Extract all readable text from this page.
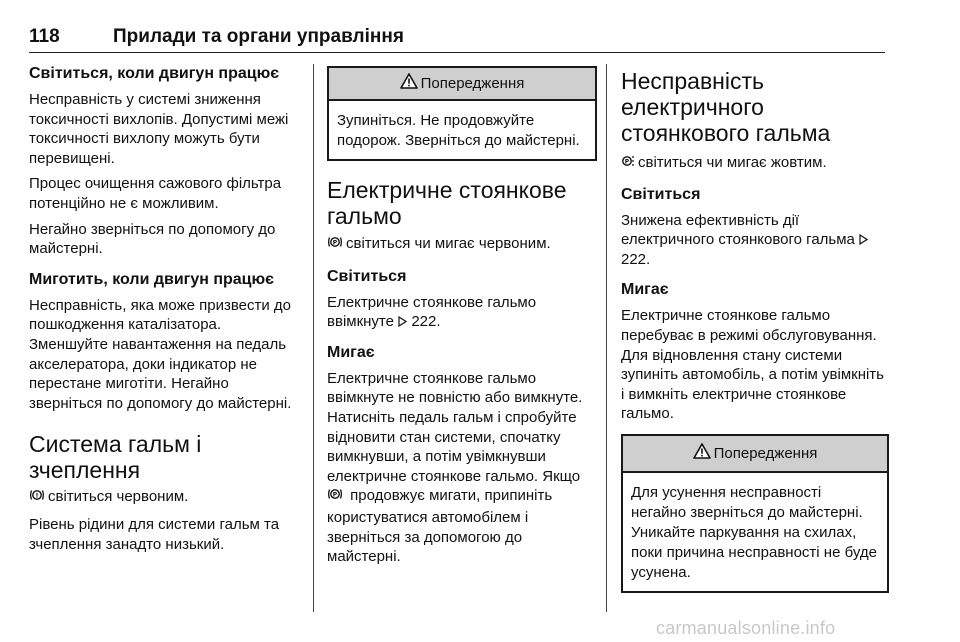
118	Прилади та органи управління
Світиться, коли двигун працює
Несправність у системі зниження токсичності вихлопів. Допустимі межі токсичності вихлопу можуть бути перевищені.
Процес очищення сажового фільтра потенційно не є можливим.
Негайно зверніться по допомогу до майстерні.
Миготить, коли двигун працює
Несправність, яка може призвести до пошкодження каталізатора. Зменшуйте навантаження на педаль акселератора, доки індикатор не перестане миготіти. Негайно зверніться по допомогу до майстерні.
Система гальм і зчеплення
! світиться червоним.
Рівень рідини для системи гальм та зчеплення занадто низький.
Попередження
Зупиніться. Не продовжуйте подорож. Зверніться до майстерні.
Електричне стоянкове гальмо
P світиться чи мигає червоним.
Світиться
Електричне стоянкове гальмо ввімкнуте 222.
Мигає
Електричне стоянкове гальмо ввімкнуте не повністю або вимкнуте. Натисніть педаль гальм і спробуйте відновити стан системи, спочатку вимкнувши, а потім увімкнувши електричне стоянкове гальмо. Якщо
P продовжує мигати, припиніть користуватися автомобілем і зверніться за допомогою до майстерні.
Несправність електричного стоянкового гальма
P світиться чи мигає жовтим.
Світиться
Знижена ефективність дії електричного стоянкового гальма  222.
Мигає
Електричне стоянкове гальмо перебуває в режимі обслуговування. Для відновлення стану системи зупиніть автомобіль, а потім увімкніть і вимкніть електричне стоянкове гальмо.
Попередження
Для усунення несправності негайно зверніться до майстерні. Уникайте паркування на схилах, поки причина несправності не буде усунена.
carmanualsonline.info
